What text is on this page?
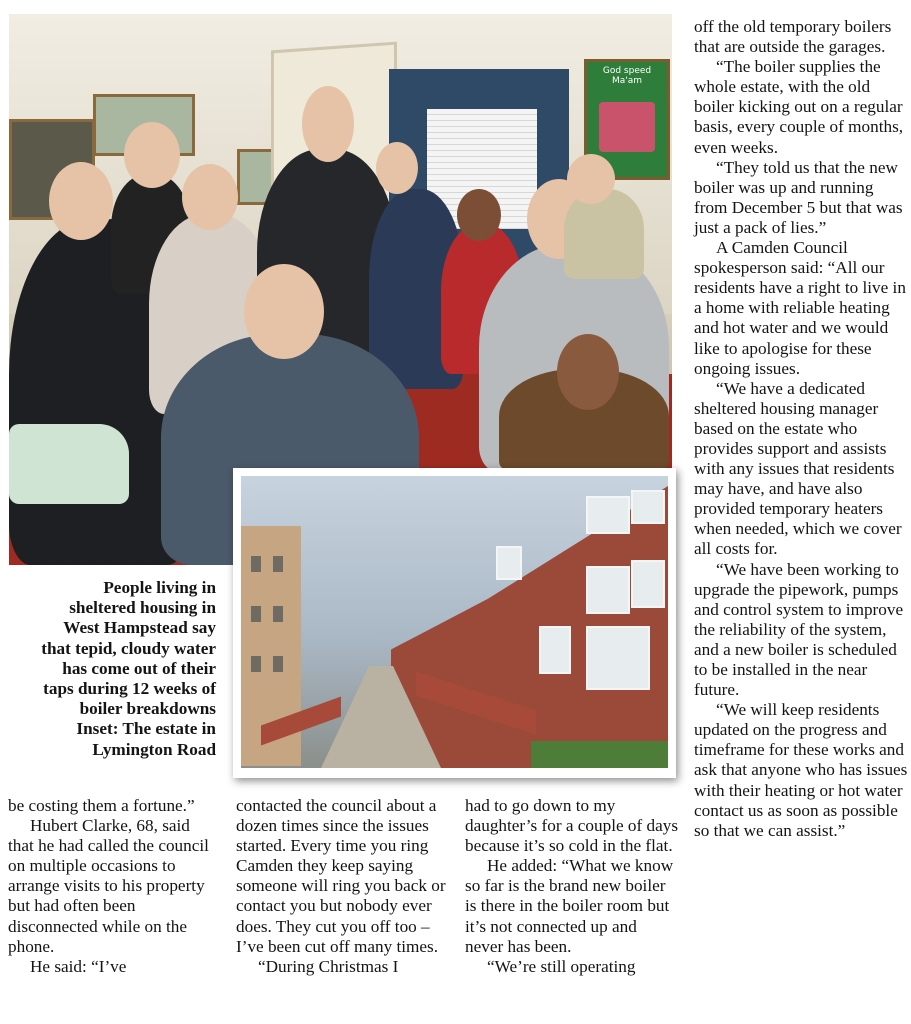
God speed Ma'am
People living in
sheltered housing in
West Hampstead say
that tepid, cloudy water
has come out of their
taps during 12 weeks of
boiler breakdowns
Inset: The estate in
Lymington Road

off the old temporary boilers that are outside the garages.

“The boiler supplies the whole estate, with the old boiler kicking out on a regular basis, every couple of months, even weeks.

“They told us that the new boiler was up and running from December 5 but that was just a pack of lies.”

A Camden Council spokesperson said: “All our residents have a right to live in a home with reliable heating and hot water and we would like to apologise for these ongoing issues.

“We have a dedicated sheltered housing manager based on the estate who provides support and assists with any issues that residents may have, and have also provided temporary heaters when needed, which we cover all costs for.

“We have been working to upgrade the pipework, pumps and control system to improve the reliability of the system, and a new boiler is scheduled to be installed in the near future.

“We will keep residents updated on the progress and timeframe for these works and ask that anyone who has issues with their heating or hot water contact us as soon as possible so that we can assist.”

be costing them a fortune.”

Hubert Clarke, 68, said that he had called the council on multiple occasions to arrange visits to his property but had often been disconnected while on the phone.

He said: “I’ve

contacted the council about a dozen times since the issues started. Every time you ring Camden they keep saying someone will ring you back or contact you but nobody ever does. They cut you off too – I’ve been cut off many times.

“During Christmas I

had to go down to my daughter’s for a couple of days because it’s so cold in the flat.

He added: “What we know so far is the brand new boiler is there in the boiler room but it’s not connected up and never has been.

“We’re still operating
